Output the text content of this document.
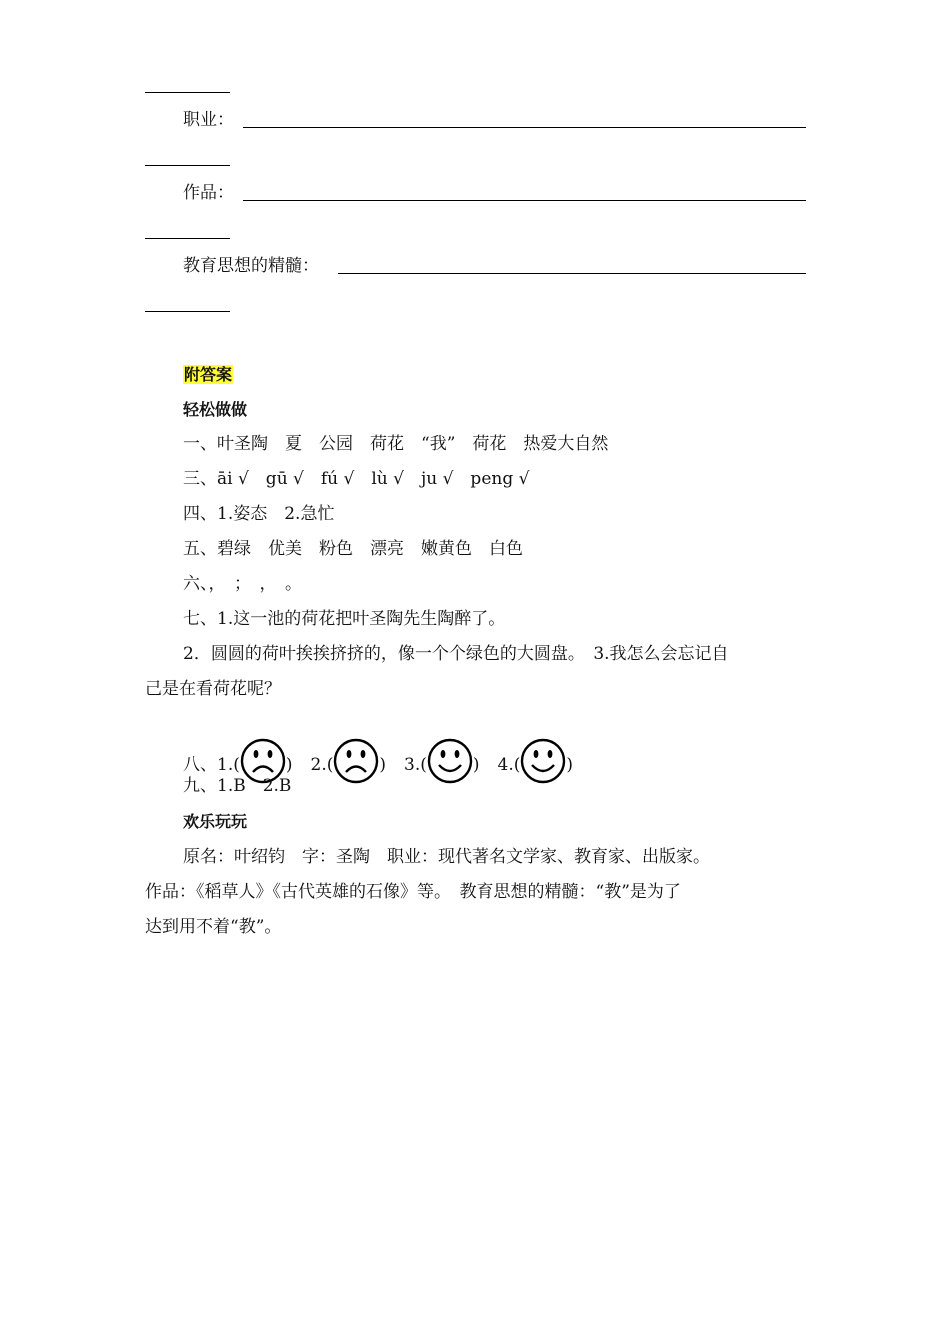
职业：
作品：
教育思想的精髓：
附答案
轻松做做
一、叶圣陶　夏　公园　荷花　“我”　荷花　热爱大自然
三、āi √　gū √　fú √　lù √　ju √　peng √
四、1.姿态　2.急忙
五、碧绿　优美　粉色　漂亮　嫩黄色　白色
六、，　；　，　。
七、1.这一池的荷花把叶圣陶先生陶醉了。
2．圆圆的荷叶挨挨挤挤的，像一个个绿色的大圆盘。　3.我怎么会忘记自
己是在看荷花呢？
八、1.(	) 2.(	) 3.(	) 4.(	)
九、1.B　2.B
欢乐玩玩
原名：叶绍钧　字：圣陶　职业：现代著名文学家、教育家、出版家。
作品：《稻草人》《古代英雄的石像》等。　教育思想的精髓：“教”是为了
达到用不着“教”。
